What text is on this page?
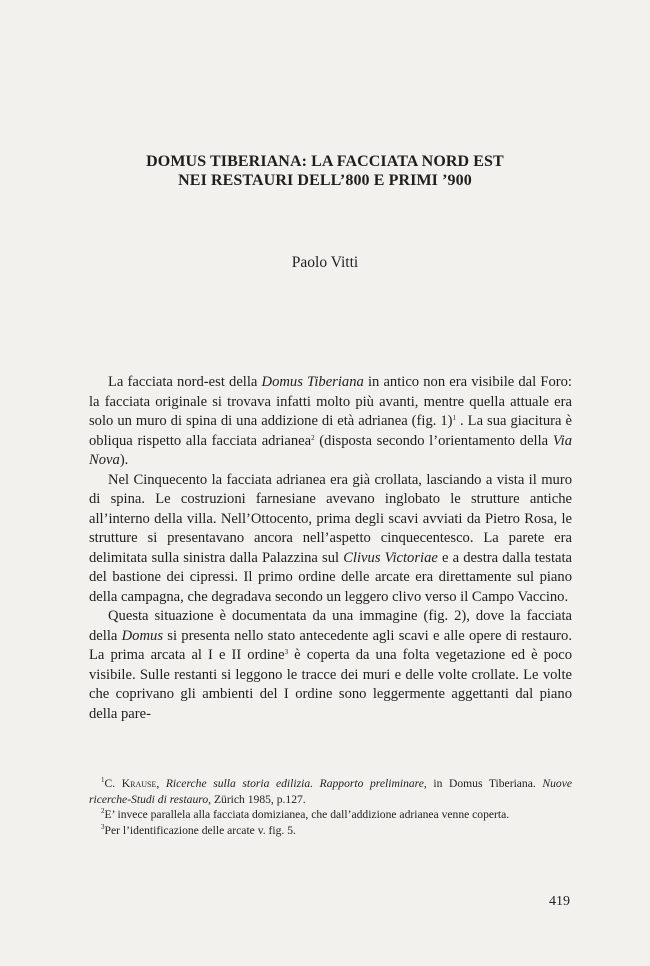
DOMUS TIBERIANA: LA FACCIATA NORD EST
NEI RESTAURI DELL’800 E PRIMI ’900
Paolo Vitti

La facciata nord-est della Domus Tiberiana in antico non era visibile dal Foro: la facciata originale si trovava infatti molto più avanti, mentre quella attuale era solo un muro di spina di una addizione di età adrianea (fig. 1)$^1$ . La sua giacitura è obliqua rispetto alla facciata adrianea$^2$ (disposta secondo l’orientamento della Via Nova).

Nel Cinquecento la facciata adrianea era già crollata, lasciando a vista il muro di spina. Le costruzioni farnesiane avevano inglobato le strutture antiche all’interno della villa. Nell’Ottocento, prima degli scavi avviati da Pietro Rosa, le strutture si presentavano ancora nell’aspetto cinquecentesco. La parete era delimitata sulla sinistra dalla Palazzina sul Clivus Victoriae e a destra dalla testata del bastione dei cipressi. Il primo ordine delle arcate era direttamente sul piano della campagna, che degradava secondo un leggero clivo verso il Campo Vaccino.

Questa situazione è documentata da una immagine (fig. 2), dove la facciata della Domus si presenta nello stato antecedente agli scavi e alle opere di restauro. La prima arcata al I e II ordine$^3$ è coperta da una folta vegetazione ed è poco visibile. Sulle restanti si leggono le tracce dei muri e delle volte crollate. Le volte che coprivano gli ambienti del I ordine sono leggermente aggettanti dal piano della pare-

$^1$C. Krause, Ricerche sulla storia edilizia. Rapporto preliminare, in Domus Tiberiana. Nuove ricerche-Studi di restauro, Zürich 1985, p.127.

$^2$E’ invece parallela alla facciata domizianea, che dall’addizione adrianea venne coperta.

$^3$Per l’identificazione delle arcate v. fig. 5.

419
